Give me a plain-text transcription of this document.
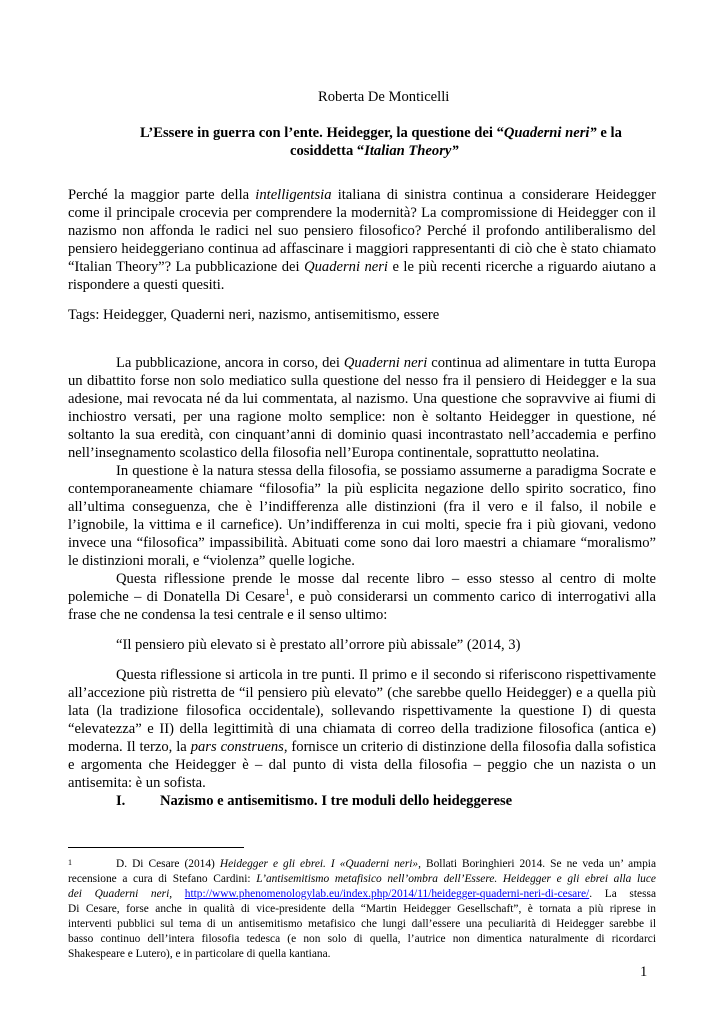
Roberta De Monticelli
L’Essere in guerra con l’ente. Heidegger, la questione dei “Quaderni neri” e la
cosiddetta “Italian Theory”

Perché la maggior parte della intelligentsia italiana di sinistra continua a considerare Heidegger

come il principale crocevia per comprendere la modernità? La compromissione di Heidegger con il

nazismo non affonda le radici nel suo pensiero filosofico? Perché il profondo antiliberalismo del

pensiero heideggeriano continua ad affascinare i maggiori rappresentanti di ciò che è stato chiamato

“Italian Theory”? La pubblicazione dei Quaderni neri e le più recenti ricerche a riguardo aiutano a

rispondere a questi quesiti.
Tags: Heidegger, Quaderni neri, nazismo, antisemitismo, essere

La pubblicazione, ancora in corso, dei Quaderni neri continua ad alimentare in tutta Europa

un dibattito forse non solo mediatico sulla questione del nesso fra il pensiero di Heidegger e la sua

adesione, mai revocata né da lui commentata, al nazismo. Una questione che sopravvive ai fiumi di

inchiostro versati, per una ragione molto semplice: non è soltanto Heidegger in questione, né

soltanto la sua eredità, con cinquant’anni di dominio quasi incontrastato nell’accademia e perfino

nell’insegnamento scolastico della filosofia nell’Europa continentale, soprattutto neolatina.

In questione è la natura stessa della filosofia, se possiamo assumerne a paradigma Socrate e

contemporaneamente chiamare “filosofia” la più esplicita negazione dello spirito socratico, fino

all’ultima conseguenza, che è l’indifferenza alle distinzioni (fra il vero e il falso, il nobile e

l’ignobile, la vittima e il carnefice). Un’indifferenza in cui molti, specie fra i più giovani, vedono

invece una “filosofica” impassibilità. Abituati come sono dai loro maestri a chiamare “moralismo”

le distinzioni morali, e “violenza” quelle logiche.

Questa riflessione prende le mosse dal recente libro – esso stesso al centro di molte

polemiche – di Donatella Di Cesare$^1$, e può considerarsi un commento carico di interrogativi alla

frase che ne condensa la tesi centrale e il senso ultimo:
“Il pensiero più elevato si è prestato all’orrore più abissale” (2014, 3)

Questa riflessione si articola in tre punti. Il primo e il secondo si riferiscono rispettivamente

all’accezione più ristretta de “il pensiero più elevato” (che sarebbe quello Heidegger) e a quella più

lata (la tradizione filosofica occidentale), sollevando rispettivamente la questione I) di questa

“elevatezza” e II) della legittimità di una chiamata di correo della tradizione filosofica (antica e)

moderna. Il terzo, la pars construens, fornisce un criterio di distinzione della filosofia dalla sofistica

e argomenta che Heidegger è – dal punto di vista della filosofia – peggio che un nazista o un

antisemita: è un sofista.
I. Nazismo e antisemitismo. I tre moduli dello heideggerese
1	D. Di Cesare (2014) Heidegger e gli ebrei. I «Quaderni neri», Bollati Boringhieri 2014. Se ne veda un’ ampia
recensione a cura di Stefano Cardini: L’antisemitismo metafisico nell’ombra dell’Essere. Heidegger e gli ebrei alla luce
dei Quaderni neri, http://www.phenomenologylab.eu/index.php/2014/11/heidegger-quaderni-neri-di-cesare/. La stessa
Di Cesare, forse anche in qualità di vice-presidente della “Martin Heidegger Gesellschaft”, è tornata a più riprese in
interventi pubblici sul tema di un antisemitismo metafisico che lungi dall’essere una peculiarità di Heidegger sarebbe il
basso continuo dell’intera filosofia tedesca (e non solo di quella, l’autrice non dimentica naturalmente di ricordarci
Shakespeare e Lutero), e in particolare di quella kantiana.
1
